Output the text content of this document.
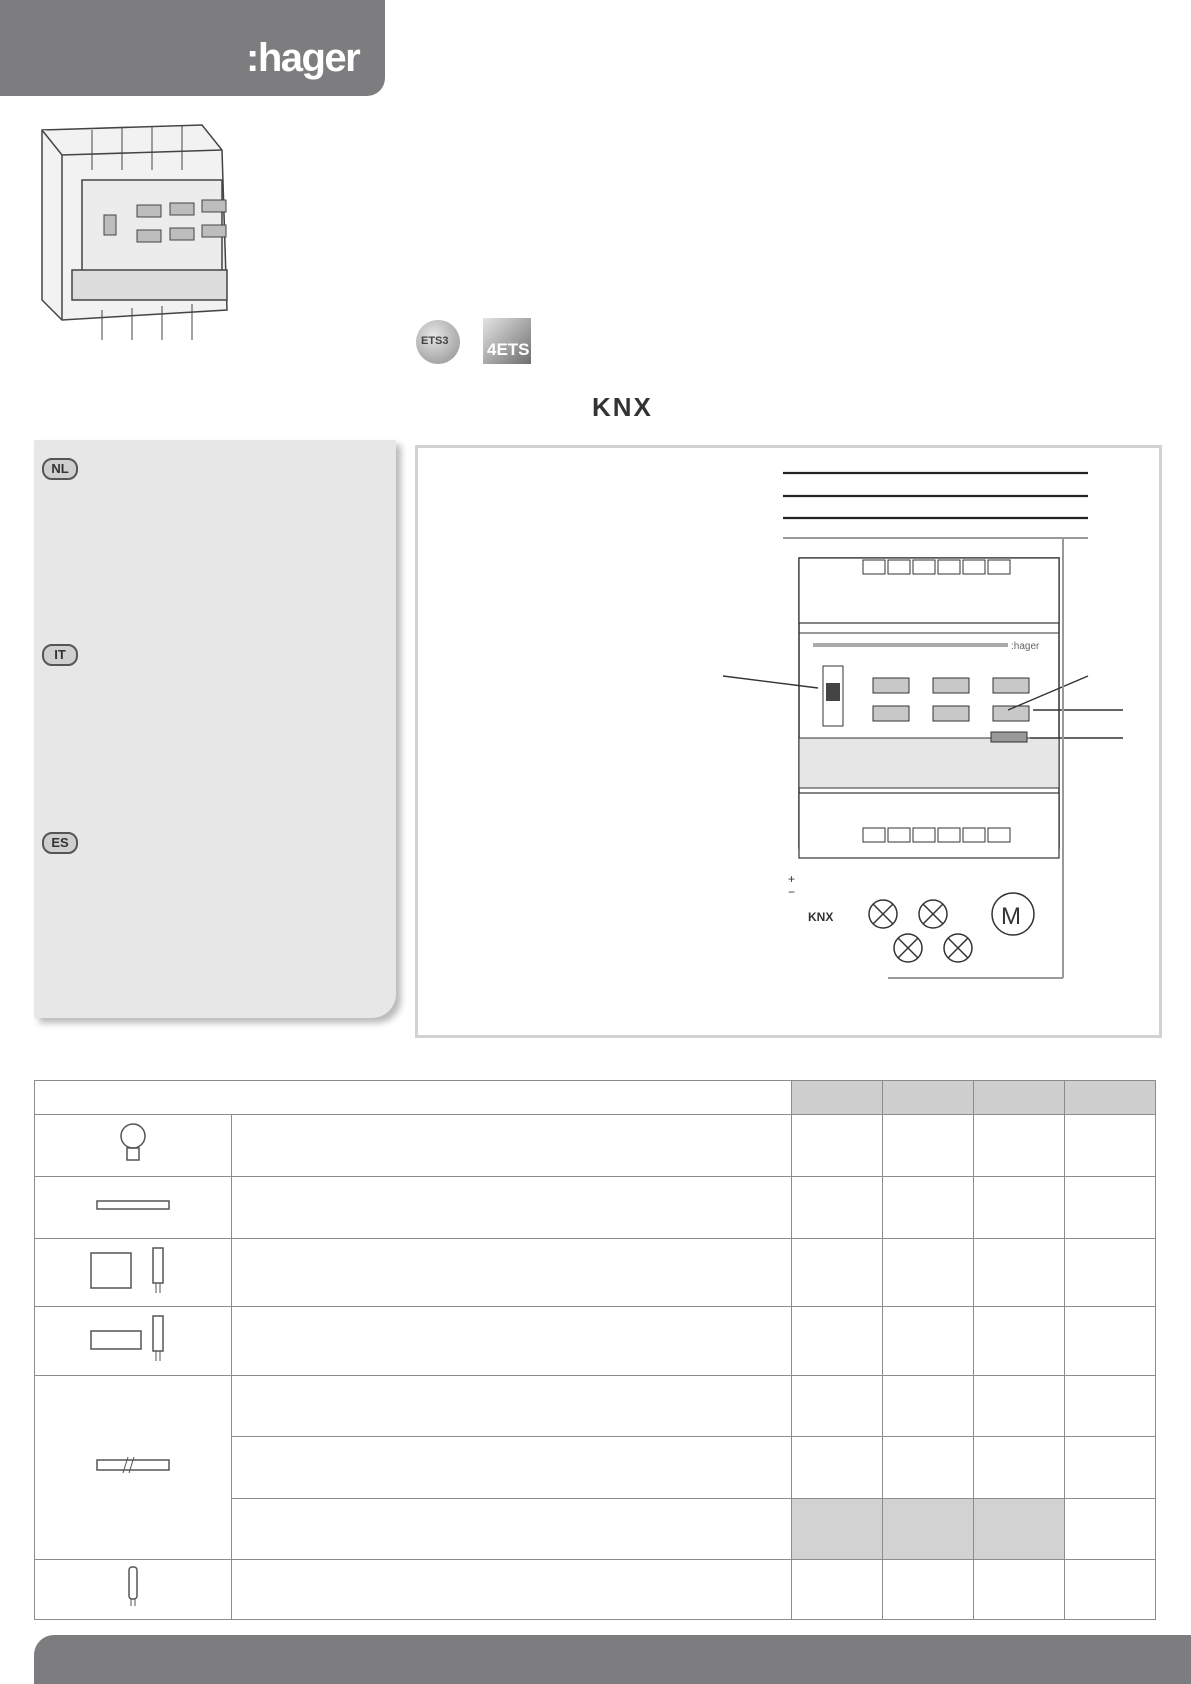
:hager
ETS3 4ETS
KNX
NL
IT
ES
:hager
M
KNX
+
−
